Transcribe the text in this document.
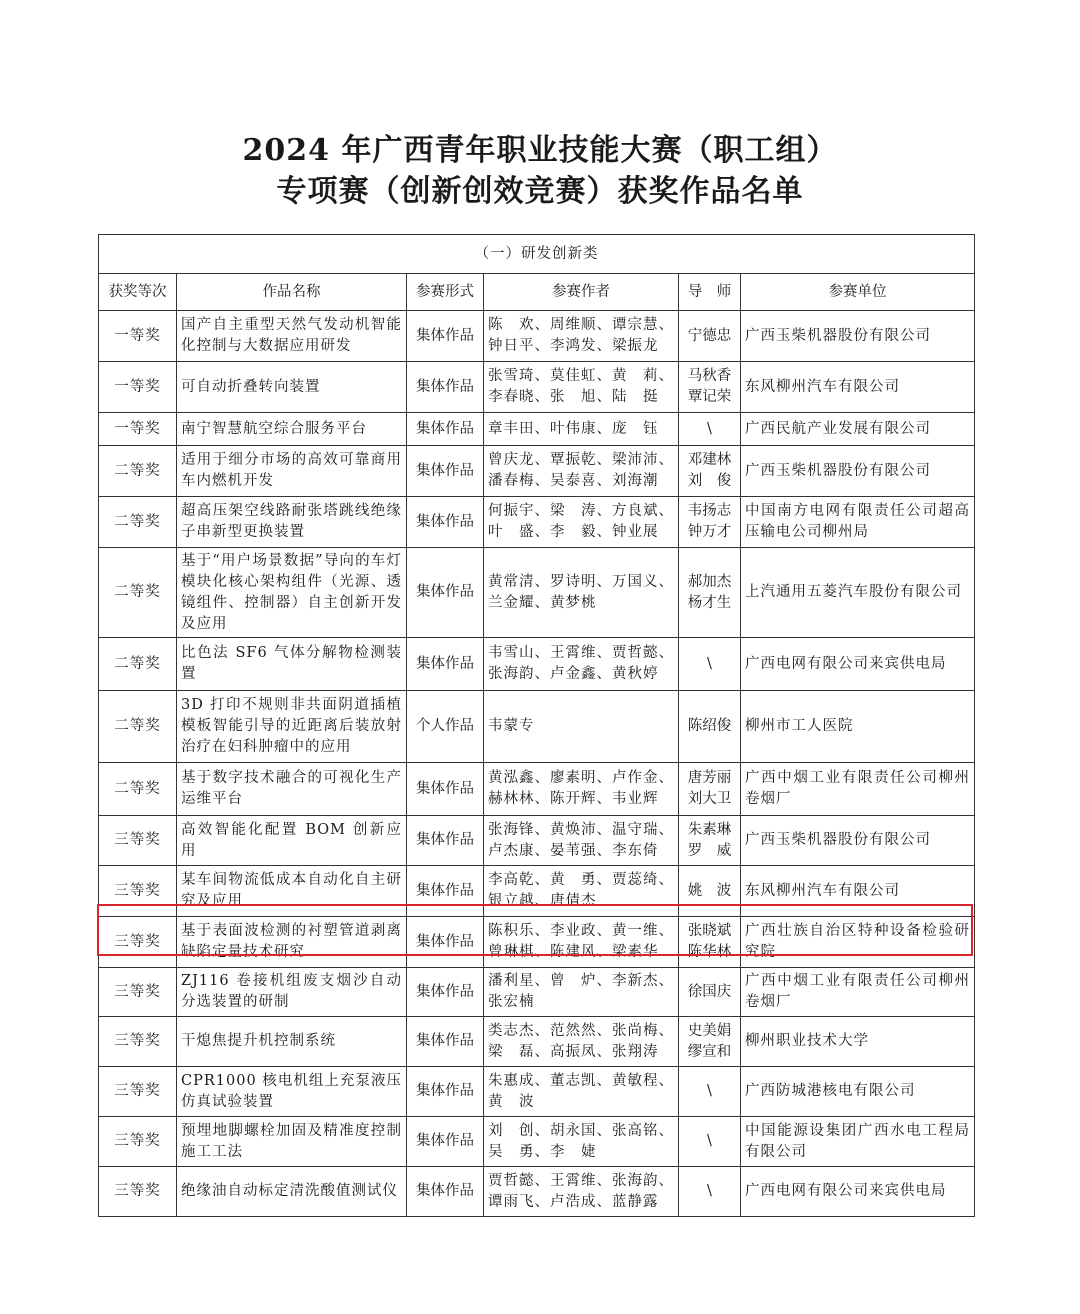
2024 年广西青年职业技能大赛（职工组）
专项赛（创新创效竞赛）获奖作品名单
（一）研发创新类					
获奖等次	作品名称	参赛形式	参赛作者	导　师	参赛单位
一等奖	国产自主重型天然气发动机智能化控制与大数据应用研发	集体作品	陈　欢、周维顺、谭宗慧、钟日平、李鸿发、梁振龙	宁德忠	广西玉柴机器股份有限公司
一等奖	可自动折叠转向装置	集体作品	张雪琦、莫佳虹、黄　莉、李春晓、张　旭、陆　挺	马秋香覃记荣	东风柳州汽车有限公司
一等奖	南宁智慧航空综合服务平台	集体作品	章丰田、叶伟康、庞　钰	\	广西民航产业发展有限公司
二等奖	适用于细分市场的高效可靠商用车内燃机开发	集体作品	曾庆龙、覃振乾、梁沛沛、潘春梅、吴泰喜、刘海潮	邓建林刘　俊	广西玉柴机器股份有限公司
二等奖	超高压架空线路耐张塔跳线绝缘子串新型更换装置	集体作品	何振宇、梁　涛、方良斌、叶　盛、李　毅、钟业展	韦扬志钟万才	中国南方电网有限责任公司超高压输电公司柳州局
二等奖	基于“用户场景数据”导向的车灯模块化核心架构组件（光源、透镜组件、控制器）自主创新开发及应用	集体作品	黄常清、罗诗明、万国义、兰金耀、黄梦桃	郝加杰杨才生	上汽通用五菱汽车股份有限公司
二等奖	比色法 SF6 气体分解物检测装置	集体作品	韦雪山、王霄维、贾哲懿、张海韵、卢金鑫、黄秋婷	\	广西电网有限公司来宾供电局
二等奖	3D 打印不规则非共面阴道插植模板智能引导的近距离后装放射治疗在妇科肿瘤中的应用	个人作品	韦蒙专	陈绍俊	柳州市工人医院
二等奖	基于数字技术融合的可视化生产运维平台	集体作品	黄泓鑫、廖素明、卢作金、赫林林、陈开辉、韦业辉	唐芳丽刘大卫	广西中烟工业有限责任公司柳州卷烟厂
三等奖	高效智能化配置 BOM 创新应用	集体作品	张海锋、黄焕沛、温守瑞、卢杰康、晏苇强、李东倚	朱素琳罗　威	广西玉柴机器股份有限公司
三等奖	某车间物流低成本自动化自主研究及应用	集体作品	李高乾、黄　勇、贾蕊绮、银立越、唐倩杰	姚　波	东风柳州汽车有限公司
三等奖	基于表面波检测的衬塑管道剥离缺陷定量技术研究	集体作品	陈积乐、李业政、黄一维、曾琳棋、陈建风、梁素华	张晓斌陈华林	广西壮族自治区特种设备检验研究院
三等奖	ZJ116 卷接机组废支烟沙自动分选装置的研制	集体作品	潘利星、曾　炉、李新杰、张宏楠	徐国庆	广西中烟工业有限责任公司柳州卷烟厂
三等奖	干熄焦提升机控制系统	集体作品	类志杰、范然然、张尚梅、梁　磊、高振凤、张翔涛	史美娟缪宣和	柳州职业技术大学
三等奖	CPR1000 核电机组上充泵液压仿真试验装置	集体作品	朱惠成、董志凯、黄敏程、黄　波	\	广西防城港核电有限公司
三等奖	预埋地脚螺栓加固及精准度控制施工工法	集体作品	刘　创、胡永国、张高铭、吴　勇、李　婕	\	中国能源设集团广西水电工程局有限公司
三等奖	绝缘油自动标定清洗酸值测试仪	集体作品	贾哲懿、王霄维、张海韵、谭雨飞、卢浩成、蓝静露	\	广西电网有限公司来宾供电局
